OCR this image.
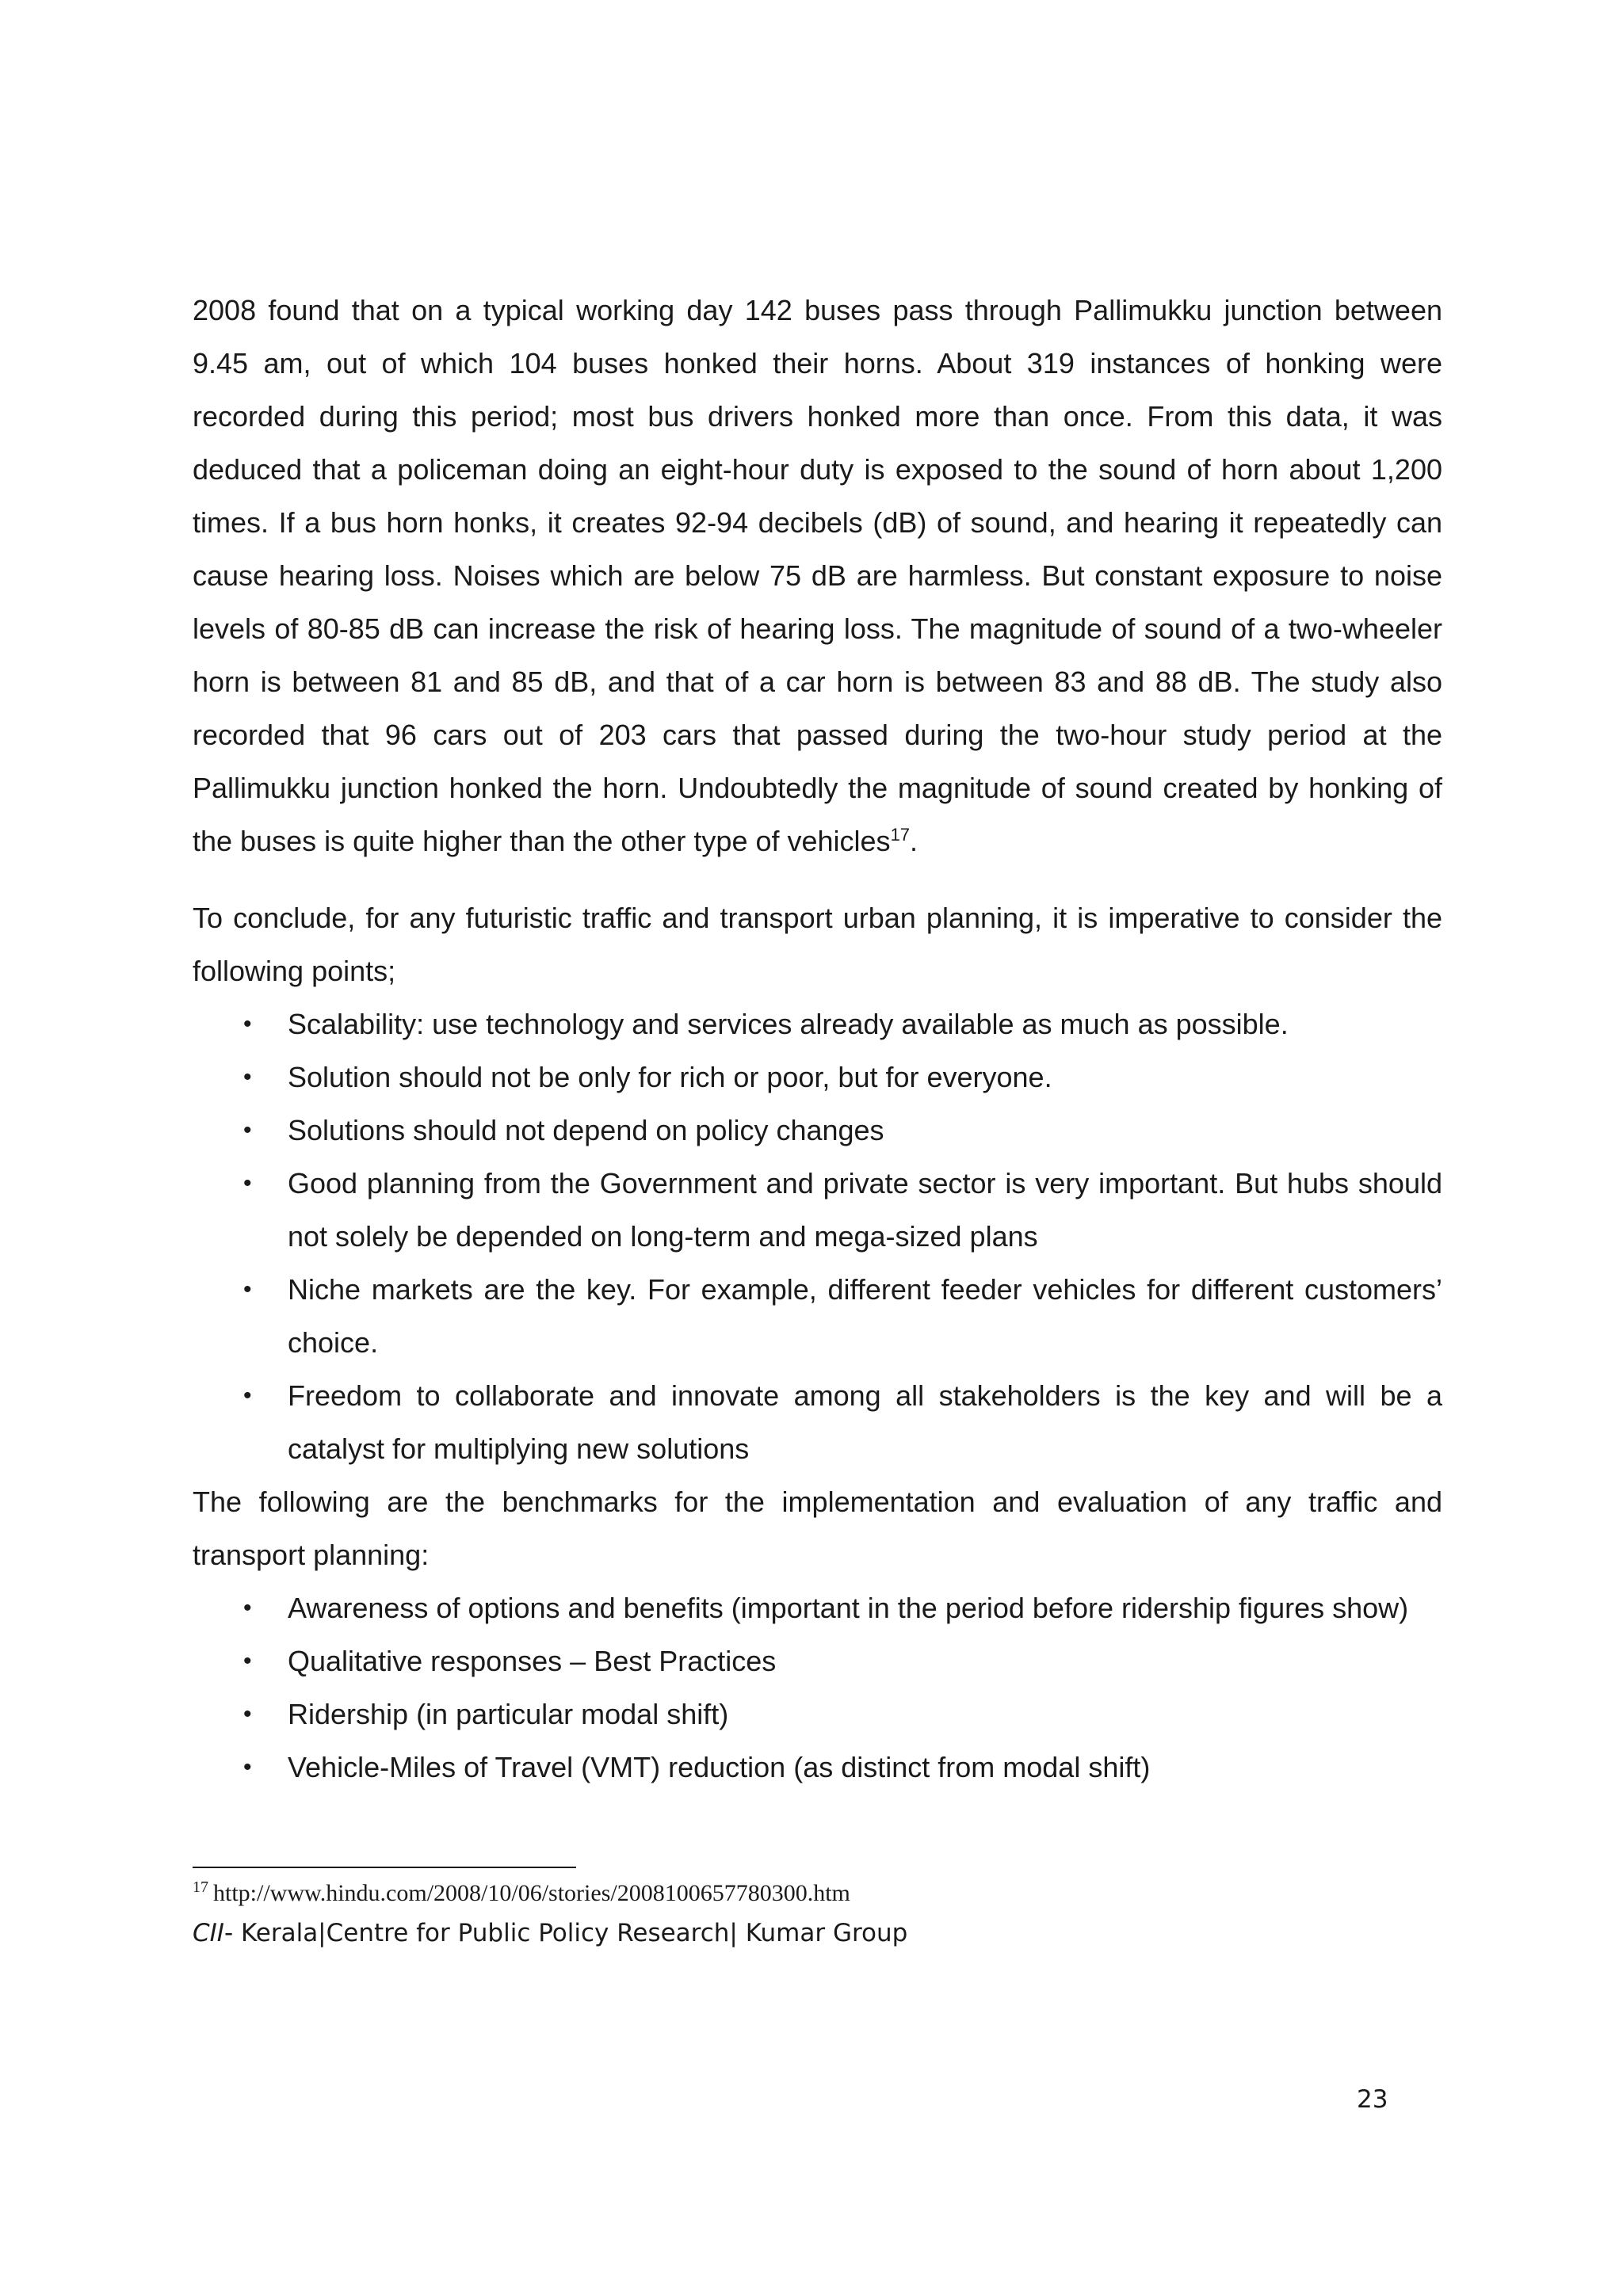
2008 found that on a typical working day 142 buses pass through Pallimukku junction between 9.45 am, out of which 104 buses honked their horns. About 319 instances of honking were recorded during this period; most bus drivers honked more than once. From this data, it was deduced that a policeman doing an eight-hour duty is exposed to the sound of horn about 1,200 times. If a bus horn honks, it creates 92-94 decibels (dB) of sound, and hearing it repeatedly can cause hearing loss. Noises which are below 75 dB are harmless. But constant exposure to noise levels of 80-85 dB can increase the risk of hearing loss. The magnitude of sound of a two-wheeler horn is between 81 and 85 dB, and that of a car horn is between 83 and 88 dB. The study also recorded that 96 cars out of 203 cars that passed during the two-hour study period at the Pallimukku junction honked the horn. Undoubtedly the magnitude of sound created by honking of the buses is quite higher than the other type of vehicles$^{17}$.

To conclude, for any futuristic traffic and transport urban planning, it is imperative to consider the following points;

• Scalability: use technology and services already available as much as possible.
• Solution should not be only for rich or poor, but for everyone.
• Solutions should not depend on policy changes
• Good planning from the Government and private sector is very important. But hubs should not solely be depended on long-term and mega-sized plans
• Niche markets are the key. For example, different feeder vehicles for different customers’ choice.
• Freedom to collaborate and innovate among all stakeholders is the key and will be a catalyst for multiplying new solutions

The following are the benchmarks for the implementation and evaluation of any traffic and transport planning:

• Awareness of options and benefits (important in the period before ridership figures show)
• Qualitative responses – Best Practices
• Ridership (in particular modal shift)
• Vehicle-Miles of Travel (VMT) reduction (as distinct from modal shift)
$^{17}$ http://www.hindu.com/2008/10/06/stories/2008100657780300.htm
CII- Kerala|Centre for Public Policy Research| Kumar Group
23
